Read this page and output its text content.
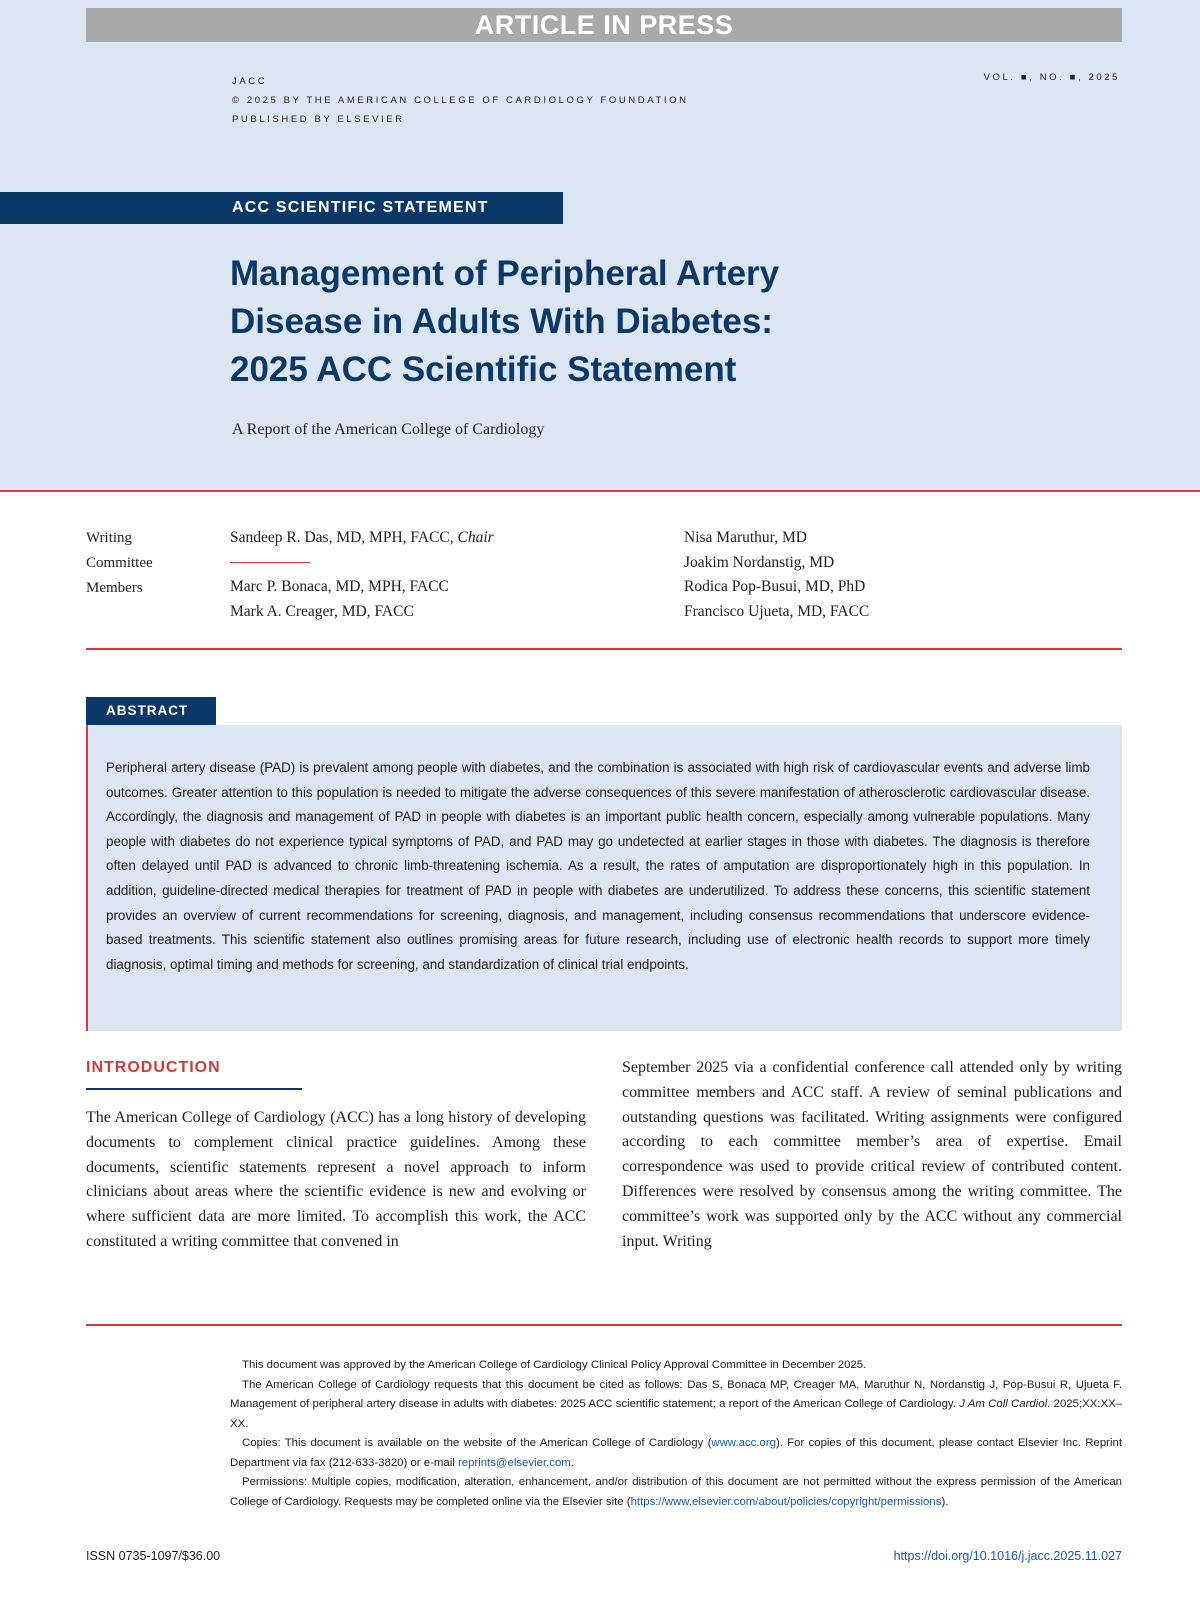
ARTICLE IN PRESS
JACC
© 2025 BY THE AMERICAN COLLEGE OF CARDIOLOGY FOUNDATION
PUBLISHED BY ELSEVIER
VOL. ■, NO. ■, 2025
ACC SCIENTIFIC STATEMENT
Management of Peripheral Artery
Disease in Adults With Diabetes:
2025 ACC Scientific Statement
A Report of the American College of Cardiology
Writing
Committee
Members
Sandeep R. Das, MD, MPH, FACC, Chair
Marc P. Bonaca, MD, MPH, FACC
Mark A. Creager, MD, FACC
Nisa Maruthur, MD
Joakim Nordanstig, MD
Rodica Pop-Busui, MD, PhD
Francisco Ujueta, MD, FACC
ABSTRACT

Peripheral artery disease (PAD) is prevalent among people with diabetes, and the combination is associated with high risk of cardiovascular events and adverse limb outcomes. Greater attention to this population is needed to mitigate the adverse consequences of this severe manifestation of atherosclerotic cardiovascular disease. Accordingly, the diagnosis and management of PAD in people with diabetes is an important public health concern, especially among vulnerable populations. Many people with diabetes do not experience typical symptoms of PAD, and PAD may go undetected at earlier stages in those with diabetes. The diagnosis is therefore often delayed until PAD is advanced to chronic limb-threatening ischemia. As a result, the rates of amputation are disproportionately high in this population. In addition, guideline-directed medical therapies for treatment of PAD in people with diabetes are underutilized. To address these concerns, this scientific statement provides an overview of current recommendations for screening, diagnosis, and management, including consensus recommendations that underscore evidence-based treatments. This scientific statement also outlines promising areas for future research, including use of electronic health records to support more timely diagnosis, optimal timing and methods for screening, and standardization of clinical trial endpoints.

INTRODUCTION

The American College of Cardiology (ACC) has a long history of developing documents to complement clinical practice guidelines. Among these documents, scientific statements represent a novel approach to inform clinicians about areas where the scientific evidence is new and evolving or where sufficient data are more limited. To accomplish this work, the ACC constituted a writing committee that convened in

September 2025 via a confidential conference call attended only by writing committee members and ACC staff. A review of seminal publications and outstanding questions was facilitated. Writing assignments were configured according to each committee member’s area of expertise. Email correspondence was used to provide critical review of contributed content. Differences were resolved by consensus among the writing committee. The committee’s work was supported only by the ACC without any commercial input. Writing

This document was approved by the American College of Cardiology Clinical Policy Approval Committee in December 2025.

The American College of Cardiology requests that this document be cited as follows: Das S, Bonaca MP, Creager MA, Maruthur N, Nordanstig J, Pop-Busui R, Ujueta F. Management of peripheral artery disease in adults with diabetes: 2025 ACC scientific statement; a report of the American College of Cardiology. J Am Coll Cardiol. 2025;XX:XX–XX.

Copies: This document is available on the website of the American College of Cardiology (www.acc.org). For copies of this document, please contact Elsevier Inc. Reprint Department via fax (212-633-3820) or e-mail reprints@elsevier.com.

Permissions: Multiple copies, modification, alteration, enhancement, and/or distribution of this document are not permitted without the express permission of the American College of Cardiology. Requests may be completed online via the Elsevier site (https://www.elsevier.com/about/policies/copyright/permissions).

ISSN 0735-1097/$36.00	https://doi.org/10.1016/j.jacc.2025.11.027
